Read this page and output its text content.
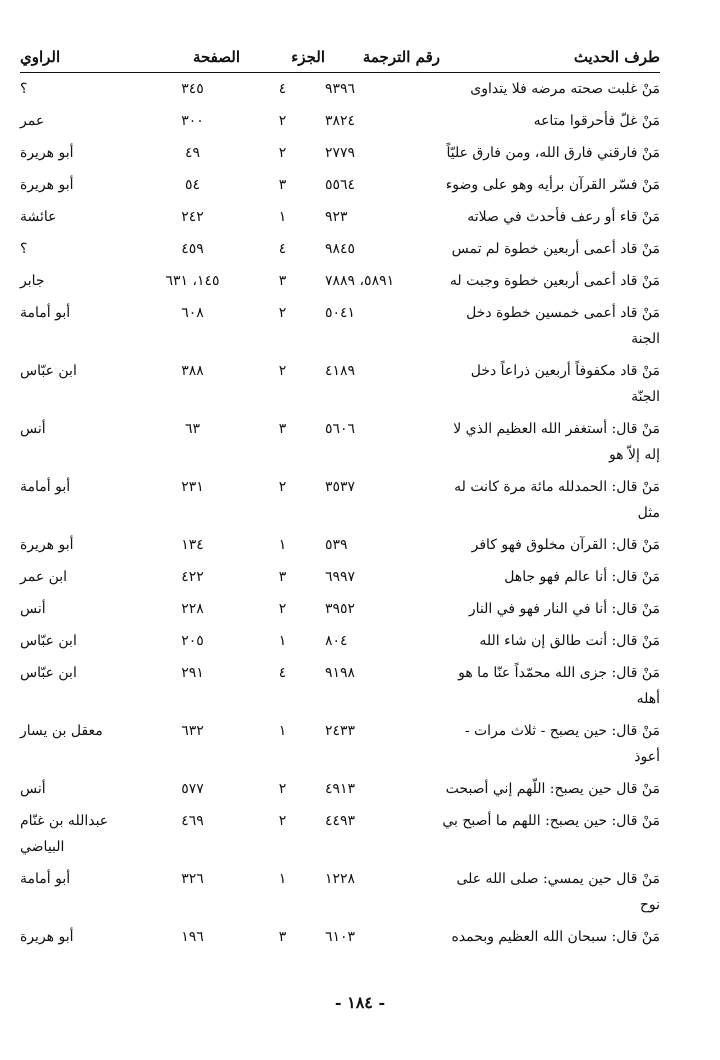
طرف الحديث	رقم الترجمة	الجزء	الصفحة	الراوي
مَنْ غلبت صحته مرضه فلا يتداوى	٩٣٩٦	٤	٣٤٥	؟
مَنْ غلّ فأحرقوا متاعه	٣٨٢٤	٢	٣٠٠	عمر
مَنْ فارقني فارق الله، ومن فارق عليّاً	٢٧٧٩	٢	٤٩	أبو هريرة
مَنْ فسّر القرآن برأيه وهو على وضوء	٥٥٦٤	٣	٥٤	أبو هريرة
مَنْ قاء أو رعف فأحدث في صلاته	٩٢٣	١	٢٤٢	عائشة
مَنْ قاد أعمى أربعين خطوة لم تمس	٩٨٤٥	٤	٤٥٩	؟
مَنْ قاد أعمى أربعين خطوة وجبت له	٥٨٩١، ٧٨٨٩	٣	١٤٥، ٦٣١	جابر
مَنْ قاد أعمى خمسين خطوة دخل الجنة	٥٠٤١	٢	٦٠٨	أبو أمامة
مَنْ قاد مكفوفاً أربعين ذراعاً دخل الجنّة	٤١٨٩	٢	٣٨٨	ابن عبّاس
مَنْ قال: أستغفر الله العظيم الذي لا إله إلاّ هو	٥٦٠٦	٣	٦٣	أنس
مَنْ قال: الحمدلله مائة مرة كانت له مثل	٣٥٣٧	٢	٢٣١	أبو أمامة
مَنْ قال: القرآن مخلوق فهو كافر	٥٣٩	١	١٣٤	أبو هريرة
مَنْ قال: أنا عالم فهو جاهل	٦٩٩٧	٣	٤٢٢	ابن عمر
مَنْ قال: أنا في النار فهو في النار	٣٩٥٢	٢	٢٢٨	أنس
مَنْ قال: أنت طالق إن شاء الله	٨٠٤	١	٢٠٥	ابن عبّاس
مَنْ قال: جزى الله محمّداً عنّا ما هو أهله	٩١٩٨	٤	٢٩١	ابن عبّاس
مَنْ قال: حين يصبح - ثلاث مرات - أعوذ	٢٤٣٣	١	٦٣٢	معقل بن يسار
مَنْ قال حين يصبح: اللّهم إني أصبحت	٤٩١٣	٢	٥٧٧	أنس
مَنْ قال: حين يصبح: اللهم ما أصبح بي	٤٤٩٣	٢	٤٦٩	عبدالله بن غنّام البياضي
مَنْ قال حين يمسي: صلى الله على نوح	١٢٢٨	١	٣٢٦	أبو أمامة
مَنْ قال: سبحان الله العظيم وبحمده	٦١٠٣	٣	١٩٦	أبو هريرة
- ١٨٤ -
